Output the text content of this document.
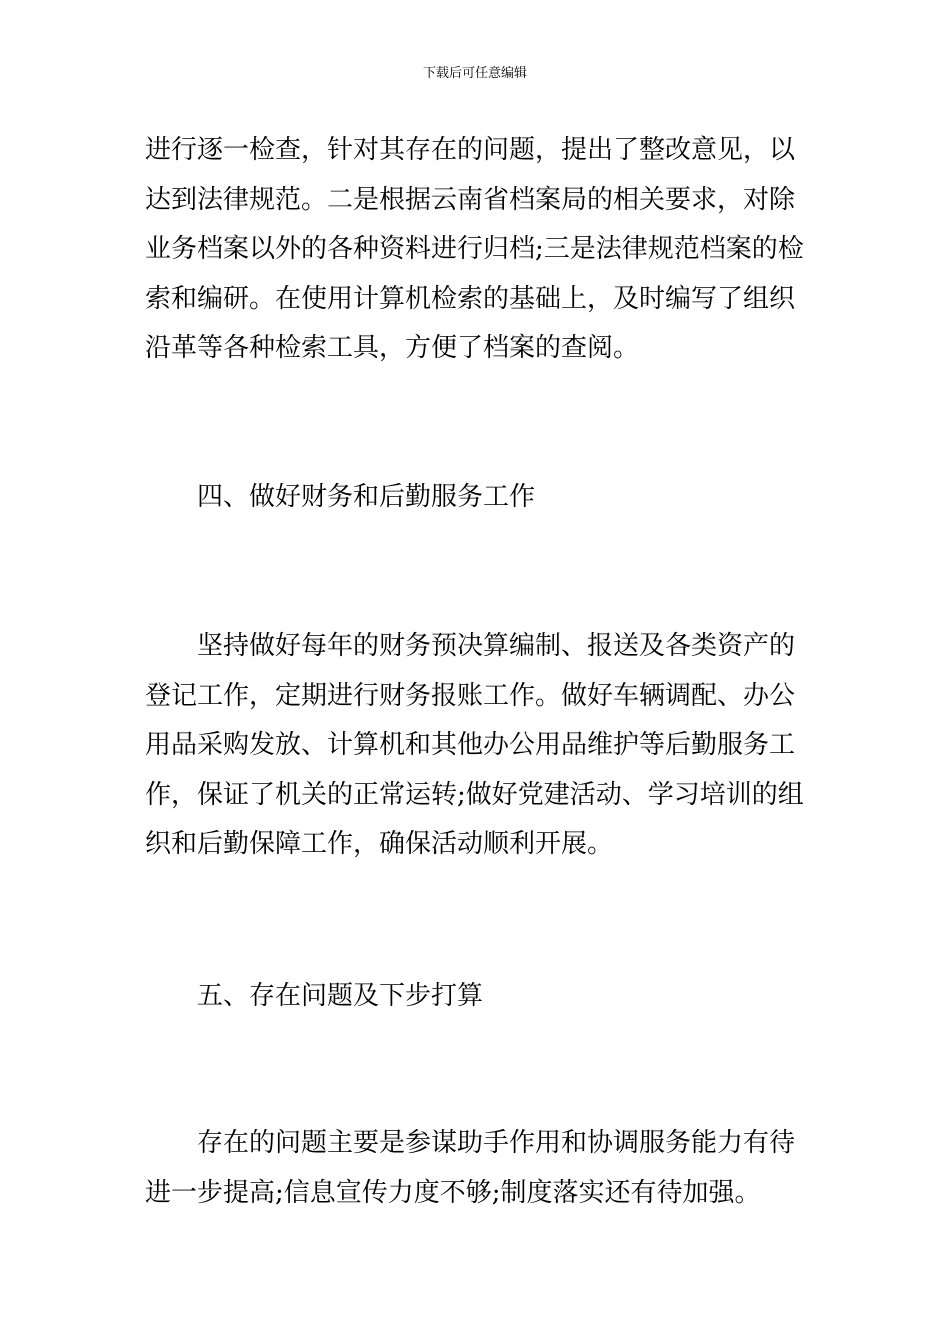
下载后可任意编辑
进行逐一检查，针对其存在的问题，提出了整改意见，以
达到法律规范。二是根据云南省档案局的相关要求，对除
业务档案以外的各种资料进行归档;三是法律规范档案的检
索和编研。在使用计算机检索的基础上，及时编写了组织
沿革等各种检索工具，方便了档案的查阅。
四、做好财务和后勤服务工作
坚持做好每年的财务预决算编制、报送及各类资产的
登记工作，定期进行财务报账工作。做好车辆调配、办公
用品采购发放、计算机和其他办公用品维护等后勤服务工
作，保证了机关的正常运转;做好党建活动、学习培训的组
织和后勤保障工作，确保活动顺利开展。
五、存在问题及下步打算
存在的问题主要是参谋助手作用和协调服务能力有待
进一步提高;信息宣传力度不够;制度落实还有待加强。
